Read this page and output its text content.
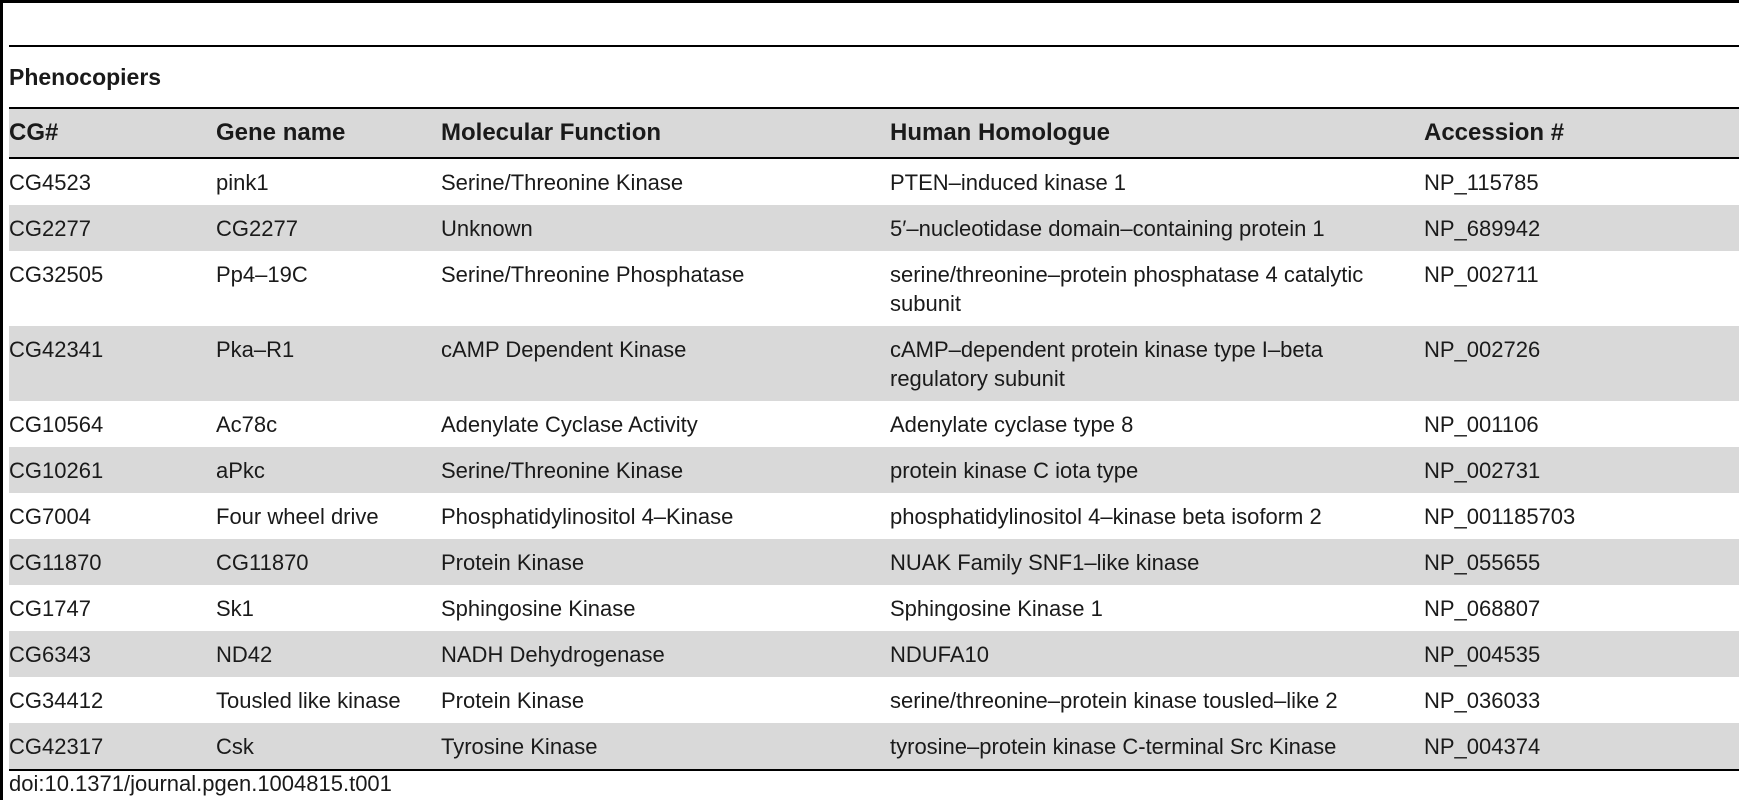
Phenocopiers
CG#	Gene name	Molecular Function	Human Homologue	Accession #
CG4523	pink1	Serine/Threonine Kinase	PTEN–induced kinase 1	NP_115785
CG2277	CG2277	Unknown	5′–nucleotidase domain–containing protein 1	NP_689942
CG32505	Pp4–19C	Serine/Threonine Phosphatase	serine/threonine–protein phosphatase 4 catalytic subunit	NP_002711
CG42341	Pka–R1	cAMP Dependent Kinase	cAMP–dependent protein kinase type I–beta regulatory subunit	NP_002726
CG10564	Ac78c	Adenylate Cyclase Activity	Adenylate cyclase type 8	NP_001106
CG10261	aPkc	Serine/Threonine Kinase	protein kinase C iota type	NP_002731
CG7004	Four wheel drive	Phosphatidylinositol 4–Kinase	phosphatidylinositol 4–kinase beta isoform 2	NP_001185703
CG11870	CG11870	Protein Kinase	NUAK Family SNF1–like kinase	NP_055655
CG1747	Sk1	Sphingosine Kinase	Sphingosine Kinase 1	NP_068807
CG6343	ND42	NADH Dehydrogenase	NDUFA10	NP_004535
CG34412	Tousled like kinase	Protein Kinase	serine/threonine–protein kinase tousled–like 2	NP_036033
CG42317	Csk	Tyrosine Kinase	tyrosine–protein kinase C-terminal Src Kinase	NP_004374
doi:10.1371/journal.pgen.1004815.t001
